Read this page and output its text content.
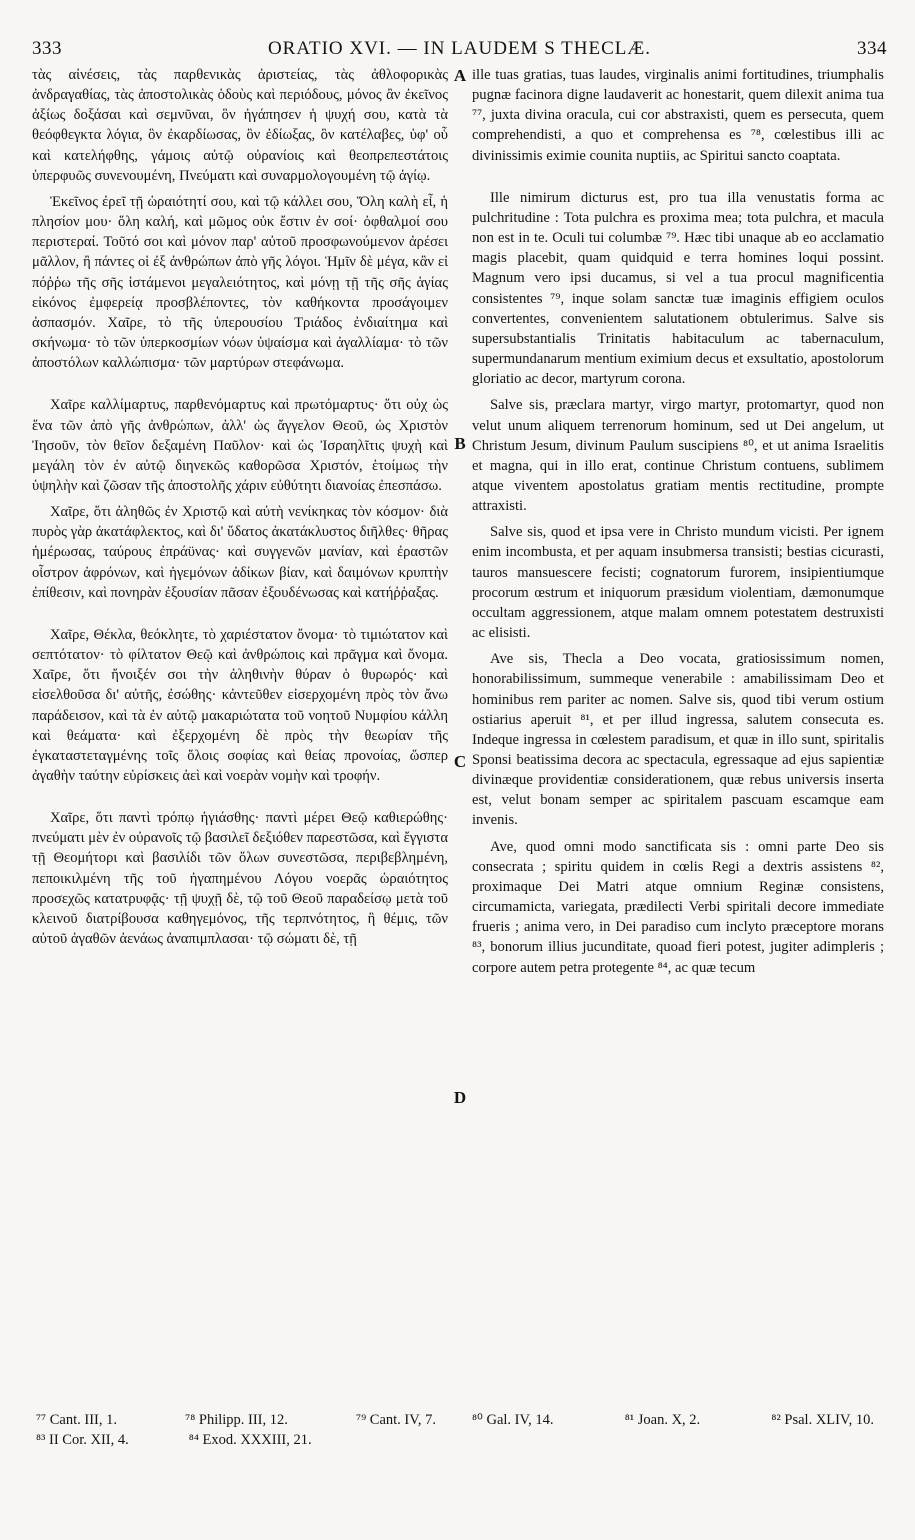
333	ORATIO XVI. — IN LAUDEM S THECLÆ.	334

τὰς αἰνέσεις, τὰς παρθενικὰς ἀριστείας, τὰς ἀθλοφορικὰς ἀνδραγαθίας, τὰς ἀποστολικὰς ὁδοὺς καὶ περιόδους, μόνος ἂν ἐκεῖνος ἀξίως δοξάσαι καὶ σεμνῦναι, ὃν ἠγάπησεν ἡ ψυχή σου, κατὰ τὰ θεόφθεγκτα λόγια, ὃν ἐκαρδίωσας, ὃν ἐδίωξας, ὃν κατέλαβες, ὑφ' οὗ καὶ κατελήφθης, γάμοις αὐτῷ οὐρανίοις καὶ θεοπρεπεστάτοις ὑπερφυῶς συνενουμένη, Πνεύματι καὶ συναρμολογουμένη τῷ ἁγίῳ.

Ἐκεῖνος ἐρεῖ τῇ ὡραιότητί σου, καὶ τῷ κάλλει σου, Ὅλη καλὴ εἶ, ἡ πλησίον μου· ὅλη καλή, καὶ μῶμος οὐκ ἔστιν ἐν σοί· ὀφθαλμοί σου περιστεραί. Τοῦτό σοι καὶ μόνον παρ' αὐτοῦ προσφωνούμενον ἀρέσει μᾶλλον, ἢ πάντες οἱ ἐξ ἀνθρώπων ἀπὸ γῆς λόγοι. Ἡμῖν δὲ μέγα, κἂν εἰ πόῤῥω τῆς σῆς ἱστάμενοι μεγαλειότητος, καὶ μόνῃ τῇ τῆς σῆς ἁγίας εἰκόνος ἐμφερείᾳ προσβλέποντες, τὸν καθήκοντα προσάγοιμεν ἀσπασμόν. Χαῖρε, τὸ τῆς ὑπερουσίου Τριάδος ἐνδιαίτημα καὶ σκήνωμα· τὸ τῶν ὑπερκοσμίων νόων ὑψαίσμα καὶ ἀγαλλίαμα· τὸ τῶν ἀποστόλων καλλώπισμα· τῶν μαρτύρων στεφάνωμα.

Χαῖρε καλλίμαρτυς, παρθενόμαρτυς καὶ πρωτόμαρτυς· ὅτι οὐχ ὡς ἕνα τῶν ἀπὸ γῆς ἀνθρώπων, ἀλλ' ὡς ἄγγελον Θεοῦ, ὡς Χριστὸν Ἰησοῦν, τὸν θεῖον δεξαμένη Παῦλον· καὶ ὡς Ἰσραηλῖτις ψυχὴ καὶ μεγάλη τὸν ἐν αὐτῷ διηνεκῶς καθορῶσα Χριστόν, ἑτοίμως τὴν ὑψηλὴν καὶ ζῶσαν τῆς ἀποστολῆς χάριν εὐθύτητι διανοίας ἐπεσπάσω.

Χαῖρε, ὅτι ἀληθῶς ἐν Χριστῷ καὶ αὐτὴ νενίκηκας τὸν κόσμον· διὰ πυρὸς γὰρ ἀκατάφλεκτος, καὶ δι' ὕδατος ἀκατάκλυστος διῆλθες· θῆρας ἡμέρωσας, ταύρους ἐπράϋνας· καὶ συγγενῶν μανίαν, καὶ ἐραστῶν οἶστρον ἀφρόνων, καὶ ἡγεμόνων ἀδίκων βίαν, καὶ δαιμόνων κρυπτὴν ἐπίθεσιν, καὶ πονηρὰν ἐξουσίαν πᾶσαν ἐξουδένωσας καὶ κατήῤῥαξας.

Χαῖρε, Θέκλα, θεόκλητε, τὸ χαριέστατον ὄνομα· τὸ τιμιώτατον καὶ σεπτότατον· τὸ φίλτατον Θεῷ καὶ ἀνθρώποις καὶ πρᾶγμα καὶ ὄνομα. Χαῖρε, ὅτι ἤνοιξέν σοι τὴν ἀληθινὴν θύραν ὁ θυρωρός· καὶ εἰσελθοῦσα δι' αὐτῆς, ἐσώθης· κἀντεῦθεν εἰσερχομένη πρὸς τὸν ἄνω παράδεισον, καὶ τὰ ἐν αὐτῷ μακαριώτατα τοῦ νοητοῦ Νυμφίου κάλλη καὶ θεάματα· καὶ ἐξερχομένη δὲ πρὸς τὴν θεωρίαν τῆς ἐγκαταστεταγμένης τοῖς ὅλοις σοφίας καὶ θείας προνοίας, ὥσπερ ἀγαθὴν ταύτην εὑρίσκεις ἀεὶ καὶ νοερὰν νομὴν καὶ τροφήν.

Χαῖρε, ὅτι παντὶ τρόπῳ ἡγιάσθης· παντὶ μέρει Θεῷ καθιερώθης· πνεύματι μὲν ἐν οὐρανοῖς τῷ βασιλεῖ δεξιόθεν παρεστῶσα, καὶ ἔγγιστα τῇ Θεομήτορι καὶ βασιλίδι τῶν ὅλων συνεστῶσα, περιβεβλημένη, πεποικιλμένη τῆς τοῦ ἠγαπημένου Λόγου νοερᾶς ὡραιότητος προσεχῶς κατατρυφᾷς· τῇ ψυχῇ δὲ, τῷ τοῦ Θεοῦ παραδείσῳ μετὰ τοῦ κλεινοῦ διατρίβουσα καθηγεμόνος, τῆς τερπνότητος, ἣ θέμις, τῶν αὐτοῦ ἀγαθῶν ἀενάως ἀναπιμπλασαι· τῷ σώματι δὲ, τῇ

A
B
C
D

ille tuas gratias, tuas laudes, virginalis animi fortitudines, triumphalis pugnæ facinora digne laudaverit ac honestarit, quem dilexit anima tua ⁷⁷, juxta divina oracula, cui cor abstraxisti, quem es persecuta, quem comprehendisti, a quo et comprehensa es ⁷⁸, cœlestibus illi ac divinissimis eximie counita nuptiis, ac Spiritui sancto coaptata.

Ille nimirum dicturus est, pro tua illa venustatis forma ac pulchritudine : Tota pulchra es proxima mea; tota pulchra, et macula non est in te. Oculi tui columbæ ⁷⁹. Hæc tibi unaque ab eo acclamatio magis placebit, quam quidquid e terra homines loqui possint. Magnum vero ipsi ducamus, si vel a tua procul magnificentia consistentes ⁷⁹, inque solam sanctæ tuæ imaginis effigiem oculos convertentes, convenientem salutationem obtulerimus. Salve sis supersubstantialis Trinitatis habitaculum ac tabernaculum, supermundanarum mentium eximium decus et exsultatio, apostolorum gloriatio ac decor, martyrum corona.

Salve sis, præclara martyr, virgo martyr, protomartyr, quod non velut unum aliquem terrenorum hominum, sed ut Dei angelum, ut Christum Jesum, divinum Paulum suscipiens ⁸⁰, et ut anima Israelitis et magna, qui in illo erat, continue Christum contuens, sublimem atque viventem apostolatus gratiam mentis rectitudine, prompte attraxisti.

Salve sis, quod et ipsa vere in Christo mundum vicisti. Per ignem enim incombusta, et per aquam insubmersa transisti; bestias cicurasti, tauros mansuescere fecisti; cognatorum furorem, insipientiumque procorum œstrum et iniquorum præsidum violentiam, dæmonumque occultam aggressionem, atque malam omnem potestatem destruxisti ac elisisti.

Ave sis, Thecla a Deo vocata, gratiosissimum nomen, honorabilissimum, summeque venerabile : amabilissimam Deo et hominibus rem pariter ac nomen. Salve sis, quod tibi verum ostium ostiarius aperuit ⁸¹, et per illud ingressa, salutem consecuta es. Indeque ingressa in cœlestem paradisum, et quæ in illo sunt, spiritalis Sponsi beatissima decora ac spectacula, egressaque ad ejus sapientiæ divinæque providentiæ considerationem, quæ rebus universis inserta est, velut bonam semper ac spiritalem pascuam escamque eam invenis.

Ave, quod omni modo sanctificata sis : omni parte Deo sis consecrata ; spiritu quidem in cœlis Regi a dextris assistens ⁸², proximaque Dei Matri atque omnium Reginæ consistens, circumamicta, variegata, prædilecti Verbi spiritali decore immediate frueris ; anima vero, in Dei paradiso cum inclyto præceptore morans ⁸³, bonorum illius jucunditate, quoad fieri potest, jugiter adimpleris ; corpore autem petra protegente ⁸⁴, ac quæ tecum

⁷⁷ Cant. III, 1.	⁷⁸ Philipp. III, 12.	⁷⁹ Cant. IV, 7.
⁸³ II Cor. XII, 4.	⁸⁴ Exod. XXXIII, 21.
⁸⁰ Gal. IV, 14.	⁸¹ Joan. X, 2.	⁸² Psal. XLIV, 10.
